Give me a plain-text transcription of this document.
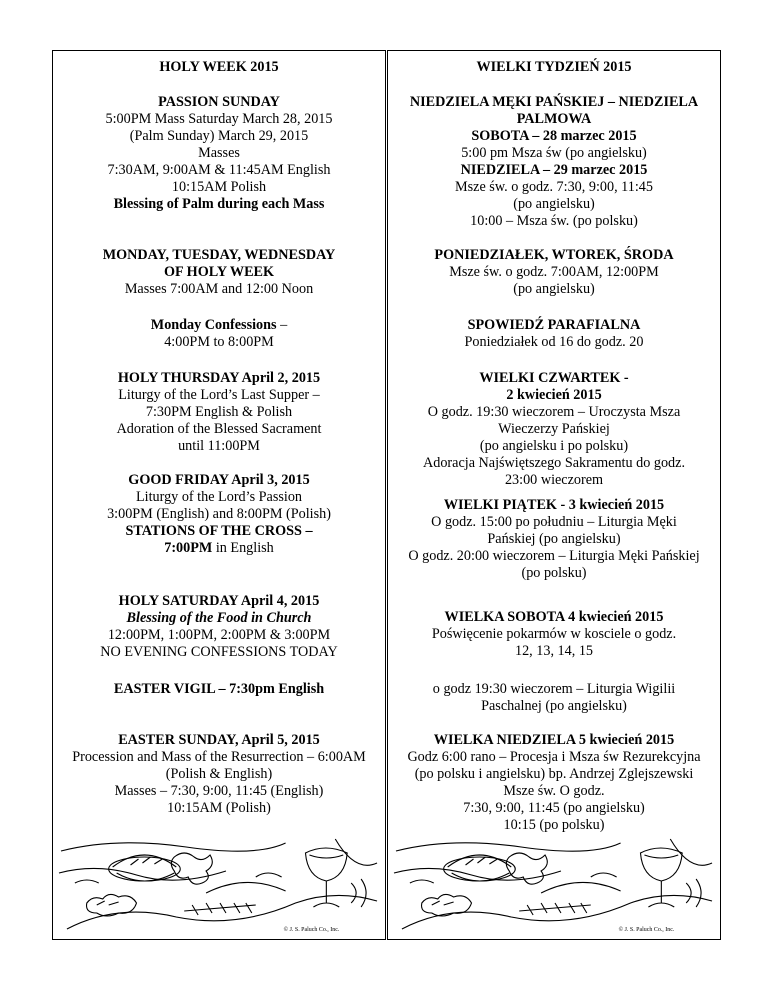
HOLY WEEK 2015

PASSION SUNDAY

5:00PM Mass Saturday March 28, 2015

(Palm Sunday) March 29, 2015

Masses

7:30AM, 9:00AM & 11:45AM English

10:15AM Polish

Blessing of Palm during each Mass

MONDAY, TUESDAY, WEDNESDAY

OF HOLY WEEK

Masses 7:00AM and 12:00 Noon

Monday Confessions –

4:00PM to 8:00PM

HOLY THURSDAY April 2, 2015

Liturgy of the Lord’s Last Supper –

7:30PM English & Polish

Adoration of the Blessed Sacrament

until 11:00PM

GOOD FRIDAY April 3, 2015

Liturgy of the Lord’s Passion

3:00PM (English) and 8:00PM (Polish)

STATIONS OF THE CROSS –

7:00PM in English

HOLY SATURDAY April 4, 2015

Blessing of the Food in Church

12:00PM, 1:00PM, 2:00PM & 3:00PM

NO EVENING CONFESSIONS TODAY

EASTER VIGIL – 7:30pm English

EASTER SUNDAY, April 5, 2015

Procession and Mass of the Resurrection – 6:00AM

(Polish & English)

Masses – 7:30, 9:00, 11:45 (English)

10:15AM (Polish)

© J. S. Paluch Co., Inc.

WIELKI TYDZIEŃ 2015

NIEDZIELA MĘKI PAŃSKIEJ – NIEDZIELA

PALMOWA

SOBOTA – 28 marzec 2015

5:00 pm Msza św (po angielsku)

NIEDZIELA – 29 marzec 2015

Msze św. o godz. 7:30, 9:00, 11:45

(po angielsku)

10:00 – Msza św. (po polsku)

PONIEDZIAŁEK, WTOREK, ŚRODA

Msze św. o godz. 7:00AM, 12:00PM

(po angielsku)

SPOWIEDŹ PARAFIALNA

Poniedziałek od 16 do godz. 20

WIELKI CZWARTEK -

2 kwiecień 2015

O godz. 19:30 wieczorem – Uroczysta Msza

Wieczerzy Pańskiej

(po angielsku i po polsku)

Adoracja Najświętszego Sakramentu do godz.

23:00 wieczorem

WIELKI PIĄTEK - 3 kwiecień 2015

O godz. 15:00 po południu – Liturgia Męki

Pańskiej (po angielsku)

O godz. 20:00 wieczorem – Liturgia Męki Pańskiej

(po polsku)

WIELKA SOBOTA 4 kwiecień 2015

Poświęcenie pokarmów w kosciele o godz.

12, 13, 14, 15

o godz 19:30 wieczorem – Liturgia Wigilii

Paschalnej (po angielsku)

WIELKA NIEDZIELA 5 kwiecień 2015

Godz 6:00 rano – Procesja i Msza św Rezurekcyjna

(po polsku i angielsku) bp. Andrzej Zglejszewski

Msze św. O godz.

7:30, 9:00, 11:45 (po angielsku)

10:15 (po polsku)

© J. S. Paluch Co., Inc.
